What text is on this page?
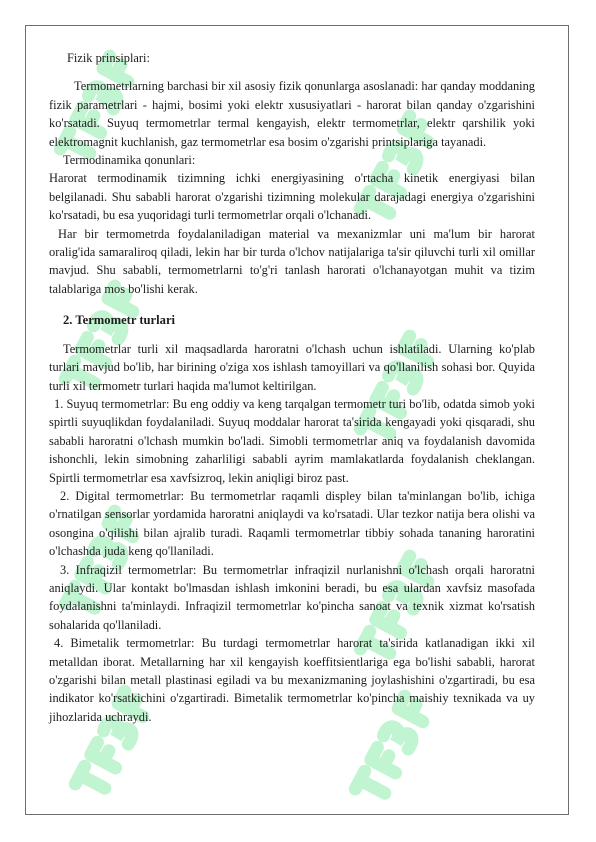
Fizik prinsiplari:

Termometrlarning barchasi bir xil asosiy fizik qonunlarga asoslanadi: har qanday moddaning fizik parametrlari - hajmi, bosimi yoki elektr xususiyatlari - harorat bilan qanday o'zgarishini ko'rsatadi. Suyuq termometrlar termal kengayish, elektr termometrlar, elektr qarshilik yoki elektromagnit kuchlanish, gaz termometrlar esa bosim o'zgarishi printsiplariga tayanadi.

Termodinamika qonunlari:

Harorat termodinamik tizimning ichki energiyasining o'rtacha kinetik energiyasi bilan belgilanadi. Shu sababli harorat o'zgarishi tizimning molekular darajadagi energiya o'zgarishini ko'rsatadi, bu esa yuqoridagi turli termometrlar orqali o'lchanadi.

Har bir termometrda foydalaniladigan material va mexanizmlar uni ma'lum bir harorat oralig'ida samaraliroq qiladi, lekin har bir turda o'lchov natijalariga ta'sir qiluvchi turli xil omillar mavjud. Shu sababli, termometrlarni to'g'ri tanlash harorati o'lchanayotgan muhit va tizim talablariga mos bo'lishi kerak.

2. Termometr turlari

Termometrlar turli xil maqsadlarda haroratni o'lchash uchun ishlatiladi. Ularning ko'plab turlari mavjud bo'lib, har birining o'ziga xos ishlash tamoyillari va qo'llanilish sohasi bor. Quyida turli xil termometr turlari haqida ma'lumot keltirilgan.

1. Suyuq termometrlar: Bu eng oddiy va keng tarqalgan termometr turi bo'lib, odatda simob yoki spirtli suyuqlikdan foydalaniladi. Suyuq moddalar harorat ta'sirida kengayadi yoki qisqaradi, shu sababli haroratni o'lchash mumkin bo'ladi. Simobli termometrlar aniq va foydalanish davomida ishonchli, lekin simobning zaharliligi sababli ayrim mamlakatlarda foydalanish cheklangan. Spirtli termometrlar esa xavfsizroq, lekin aniqligi biroz past.

2. Digital termometrlar: Bu termometrlar raqamli displey bilan ta'minlangan bo'lib, ichiga o'rnatilgan sensorlar yordamida haroratni aniqlaydi va ko'rsatadi. Ular tezkor natija bera olishi va osongina o'qilishi bilan ajralib turadi. Raqamli termometrlar tibbiy sohada tananing haroratini o'lchashda juda keng qo'llaniladi.

3. Infraqizil termometrlar: Bu termometrlar infraqizil nurlanishni o'lchash orqali haroratni aniqlaydi. Ular kontakt bo'lmasdan ishlash imkonini beradi, bu esa ulardan xavfsiz masofada foydalanishni ta'minlaydi. Infraqizil termometrlar ko'pincha sanoat va texnik xizmat ko'rsatish sohalarida qo'llaniladi.

4. Bimetalik termometrlar: Bu turdagi termometrlar harorat ta'sirida katlanadigan ikki xil metalldan iborat. Metallarning har xil kengayish koeffitsientlariga ega bo'lishi sababli, harorat o'zgarishi bilan metall plastinasi egiladi va bu mexanizmaning joylashishini o'zgartiradi, bu esa indikator ko'rsatkichini o'zgartiradi. Bimetalik termometrlar ko'pincha maishiy texnikada va uy jihozlarida uchraydi.
